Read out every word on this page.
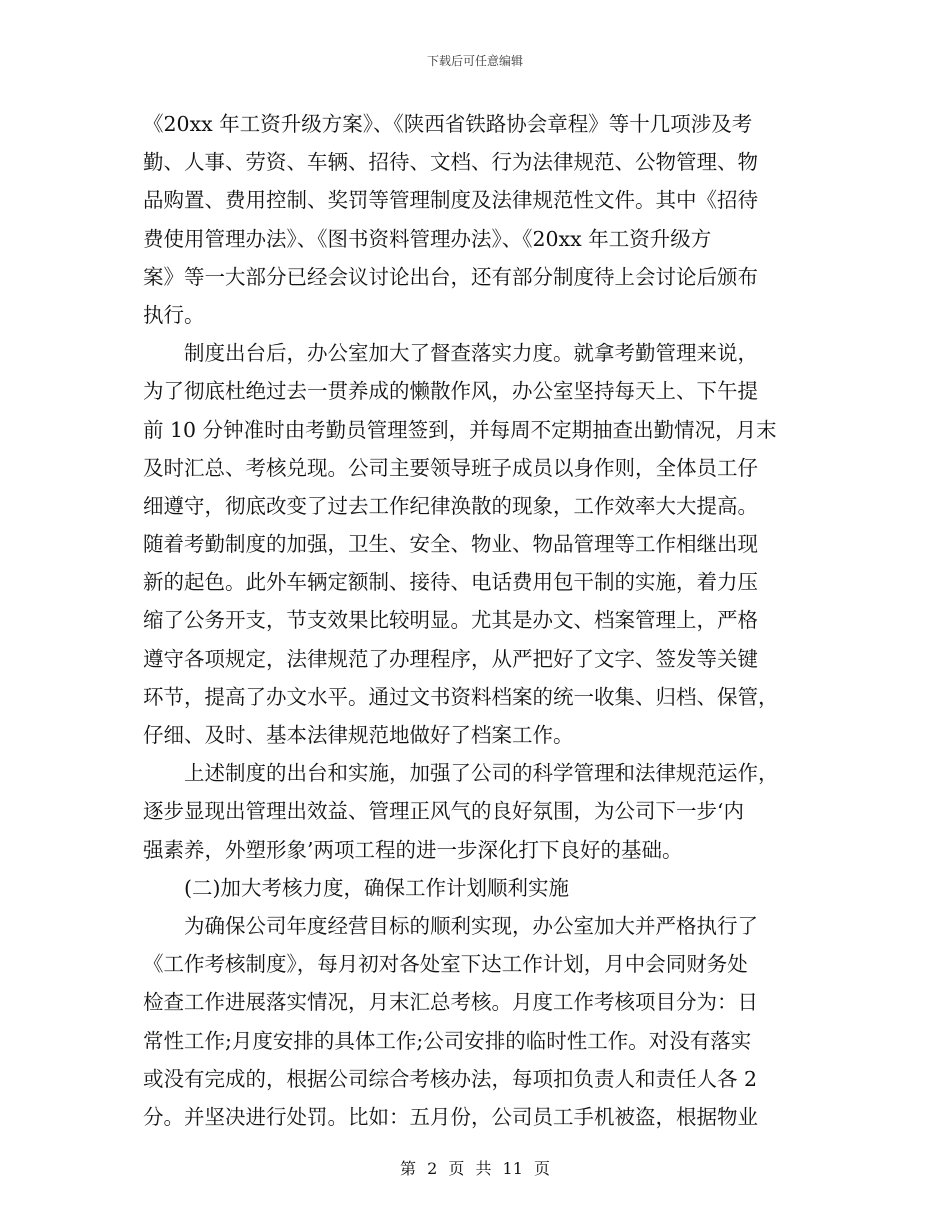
下载后可任意编辑
《20xx 年工资升级方案》、《陕西省铁路协会章程》等十几项涉及考
勤、人事、劳资、车辆、招待、文档、行为法律规范、公物管理、物
品购置、费用控制、奖罚等管理制度及法律规范性文件。其中《招待
费使用管理办法》、《图书资料管理办法》、《20xx 年工资升级方
案》等一大部分已经会议讨论出台，还有部分制度待上会讨论后颁布
执行。
制度出台后，办公室加大了督查落实力度。就拿考勤管理来说，
为了彻底杜绝过去一贯养成的懒散作风，办公室坚持每天上、下午提
前 10 分钟准时由考勤员管理签到，并每周不定期抽查出勤情况，月末
及时汇总、考核兑现。公司主要领导班子成员以身作则，全体员工仔
细遵守，彻底改变了过去工作纪律涣散的现象，工作效率大大提高。
随着考勤制度的加强，卫生、安全、物业、物品管理等工作相继出现
新的起色。此外车辆定额制、接待、电话费用包干制的实施，着力压
缩了公务开支，节支效果比较明显。尤其是办文、档案管理上，严格
遵守各项规定，法律规范了办理程序，从严把好了文字、签发等关键
环节，提高了办文水平。通过文书资料档案的统一收集、归档、保管，
仔细、及时、基本法律规范地做好了档案工作。
上述制度的出台和实施，加强了公司的科学管理和法律规范运作，
逐步显现出管理出效益、管理正风气的良好氛围，为公司下一步‘内
强素养，外塑形象’两项工程的进一步深化打下良好的基础。
(二)加大考核力度，确保工作计划顺利实施
为确保公司年度经营目标的顺利实现，办公室加大并严格执行了
《工作考核制度》，每月初对各处室下达工作计划，月中会同财务处
检查工作进展落实情况，月末汇总考核。月度工作考核项目分为：日
常性工作;月度安排的具体工作;公司安排的临时性工作。对没有落实
或没有完成的，根据公司综合考核办法，每项扣负责人和责任人各 2
分。并坚决进行处罚。比如：五月份，公司员工手机被盗，根据物业
第 2 页 共 11 页
